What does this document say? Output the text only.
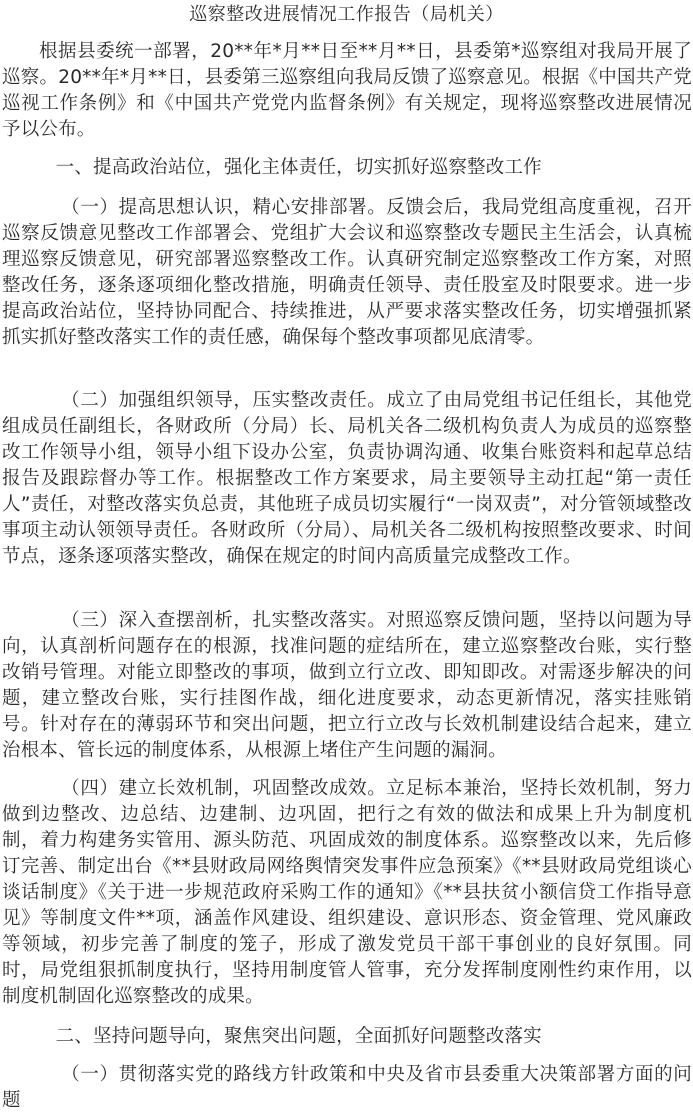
巡察整改进展情况工作报告（局机关）

根据县委统一部署，20**年*月**日至**月**日，县委第*巡察组对我局开展了巡察。20**年*月**日，县委第三巡察组向我局反馈了巡察意见。根据《中国共产党巡视工作条例》和《中国共产党党内监督条例》有关规定，现将巡察整改进展情况予以公布。

一、提高政治站位，强化主体责任，切实抓好巡察整改工作

（一）提高思想认识，精心安排部署。反馈会后，我局党组高度重视，召开巡察反馈意见整改工作部署会、党组扩大会议和巡察整改专题民主生活会，认真梳理巡察反馈意见，研究部署巡察整改工作。认真研究制定巡察整改工作方案，对照整改任务，逐条逐项细化整改措施，明确责任领导、责任股室及时限要求。进一步提高政治站位，坚持协同配合、持续推进，从严要求落实整改任务，切实增强抓紧抓实抓好整改落实工作的责任感，确保每个整改事项都见底清零。

（二）加强组织领导，压实整改责任。成立了由局党组书记任组长，其他党组成员任副组长，各财政所（分局）长、局机关各二级机构负责人为成员的巡察整改工作领导小组，领导小组下设办公室，负责协调沟通、收集台账资料和起草总结报告及跟踪督办等工作。根据整改工作方案要求，局主要领导主动扛起“第一责任人”责任，对整改落实负总责，其他班子成员切实履行“一岗双责”，对分管领域整改事项主动认领领导责任。各财政所（分局）、局机关各二级机构按照整改要求、时间节点，逐条逐项落实整改，确保在规定的时间内高质量完成整改工作。

（三）深入查摆剖析，扎实整改落实。对照巡察反馈问题，坚持以问题为导向，认真剖析问题存在的根源，找准问题的症结所在，建立巡察整改台账，实行整改销号管理。对能立即整改的事项，做到立行立改、即知即改。对需逐步解决的问题，建立整改台账，实行挂图作战，细化进度要求，动态更新情况，落实挂账销号。针对存在的薄弱环节和突出问题，把立行立改与长效机制建设结合起来，建立治根本、管长远的制度体系，从根源上堵住产生问题的漏洞。

（四）建立长效机制，巩固整改成效。立足标本兼治，坚持长效机制，努力做到边整改、边总结、边建制、边巩固，把行之有效的做法和成果上升为制度机制，着力构建务实管用、源头防范、巩固成效的制度体系。巡察整改以来，先后修订完善、制定出台《**县财政局网络舆情突发事件应急预案》《**县财政局党组谈心谈话制度》《关于进一步规范政府采购工作的通知》《**县扶贫小额信贷工作指导意见》等制度文件**项，涵盖作风建设、组织建设、意识形态、资金管理、党风廉政等领域，初步完善了制度的笼子，形成了激发党员干部干事创业的良好氛围。同时，局党组狠抓制度执行，坚持用制度管人管事，充分发挥制度刚性约束作用，以制度机制固化巡察整改的成果。

二、坚持问题导向，聚焦突出问题，全面抓好问题整改落实

（一）贯彻落实党的路线方针政策和中央及省市县委重大决策部署方面的问题
